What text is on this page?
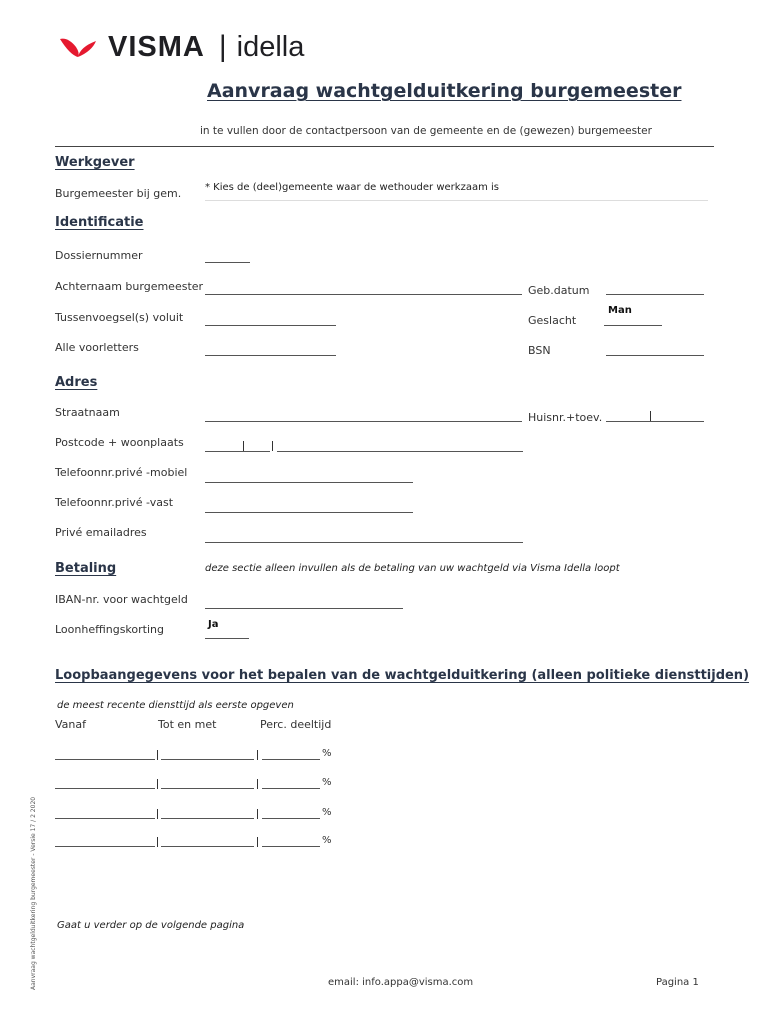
VISMA | idella
Aanvraag wachtgelduitkering burgemeester
in te vullen door de contactpersoon van de gemeente en de (gewezen) burgemeester
Werkgever
Burgemeester bij gem. * Kies de (deel)gemeente waar de wethouder werkzaam is
Identificatie
Dossiernummer
Achternaam burgemeester	Geb.datum
Tussenvoegsel(s) voluit	Geslacht
Man
Alle voorletters	BSN
Adres
Straatnaam	Huisnr.+toev.
Postcode + woonplaats
Telefoonnr.privé -mobiel
Telefoonnr.privé -vast
Privé emailadres
Betaling	deze sectie alleen invullen als de betaling van uw wachtgeld via Visma Idella loopt
IBAN-nr. voor wachtgeld
Loonheffingskorting	Ja
Loopbaangegevens voor het bepalen van de wachtgelduitkering (alleen politieke diensttijden)
de meest recente diensttijd als eerste opgeven
Vanaf	Tot en met	Perc. deeltijd
%
%
%
%
Gaat u verder op de volgende pagina
email: info.appa@visma.com	Pagina 1
Aanvraag wachtgelduitkering burgemeester - Versie 17 / 2 2020
